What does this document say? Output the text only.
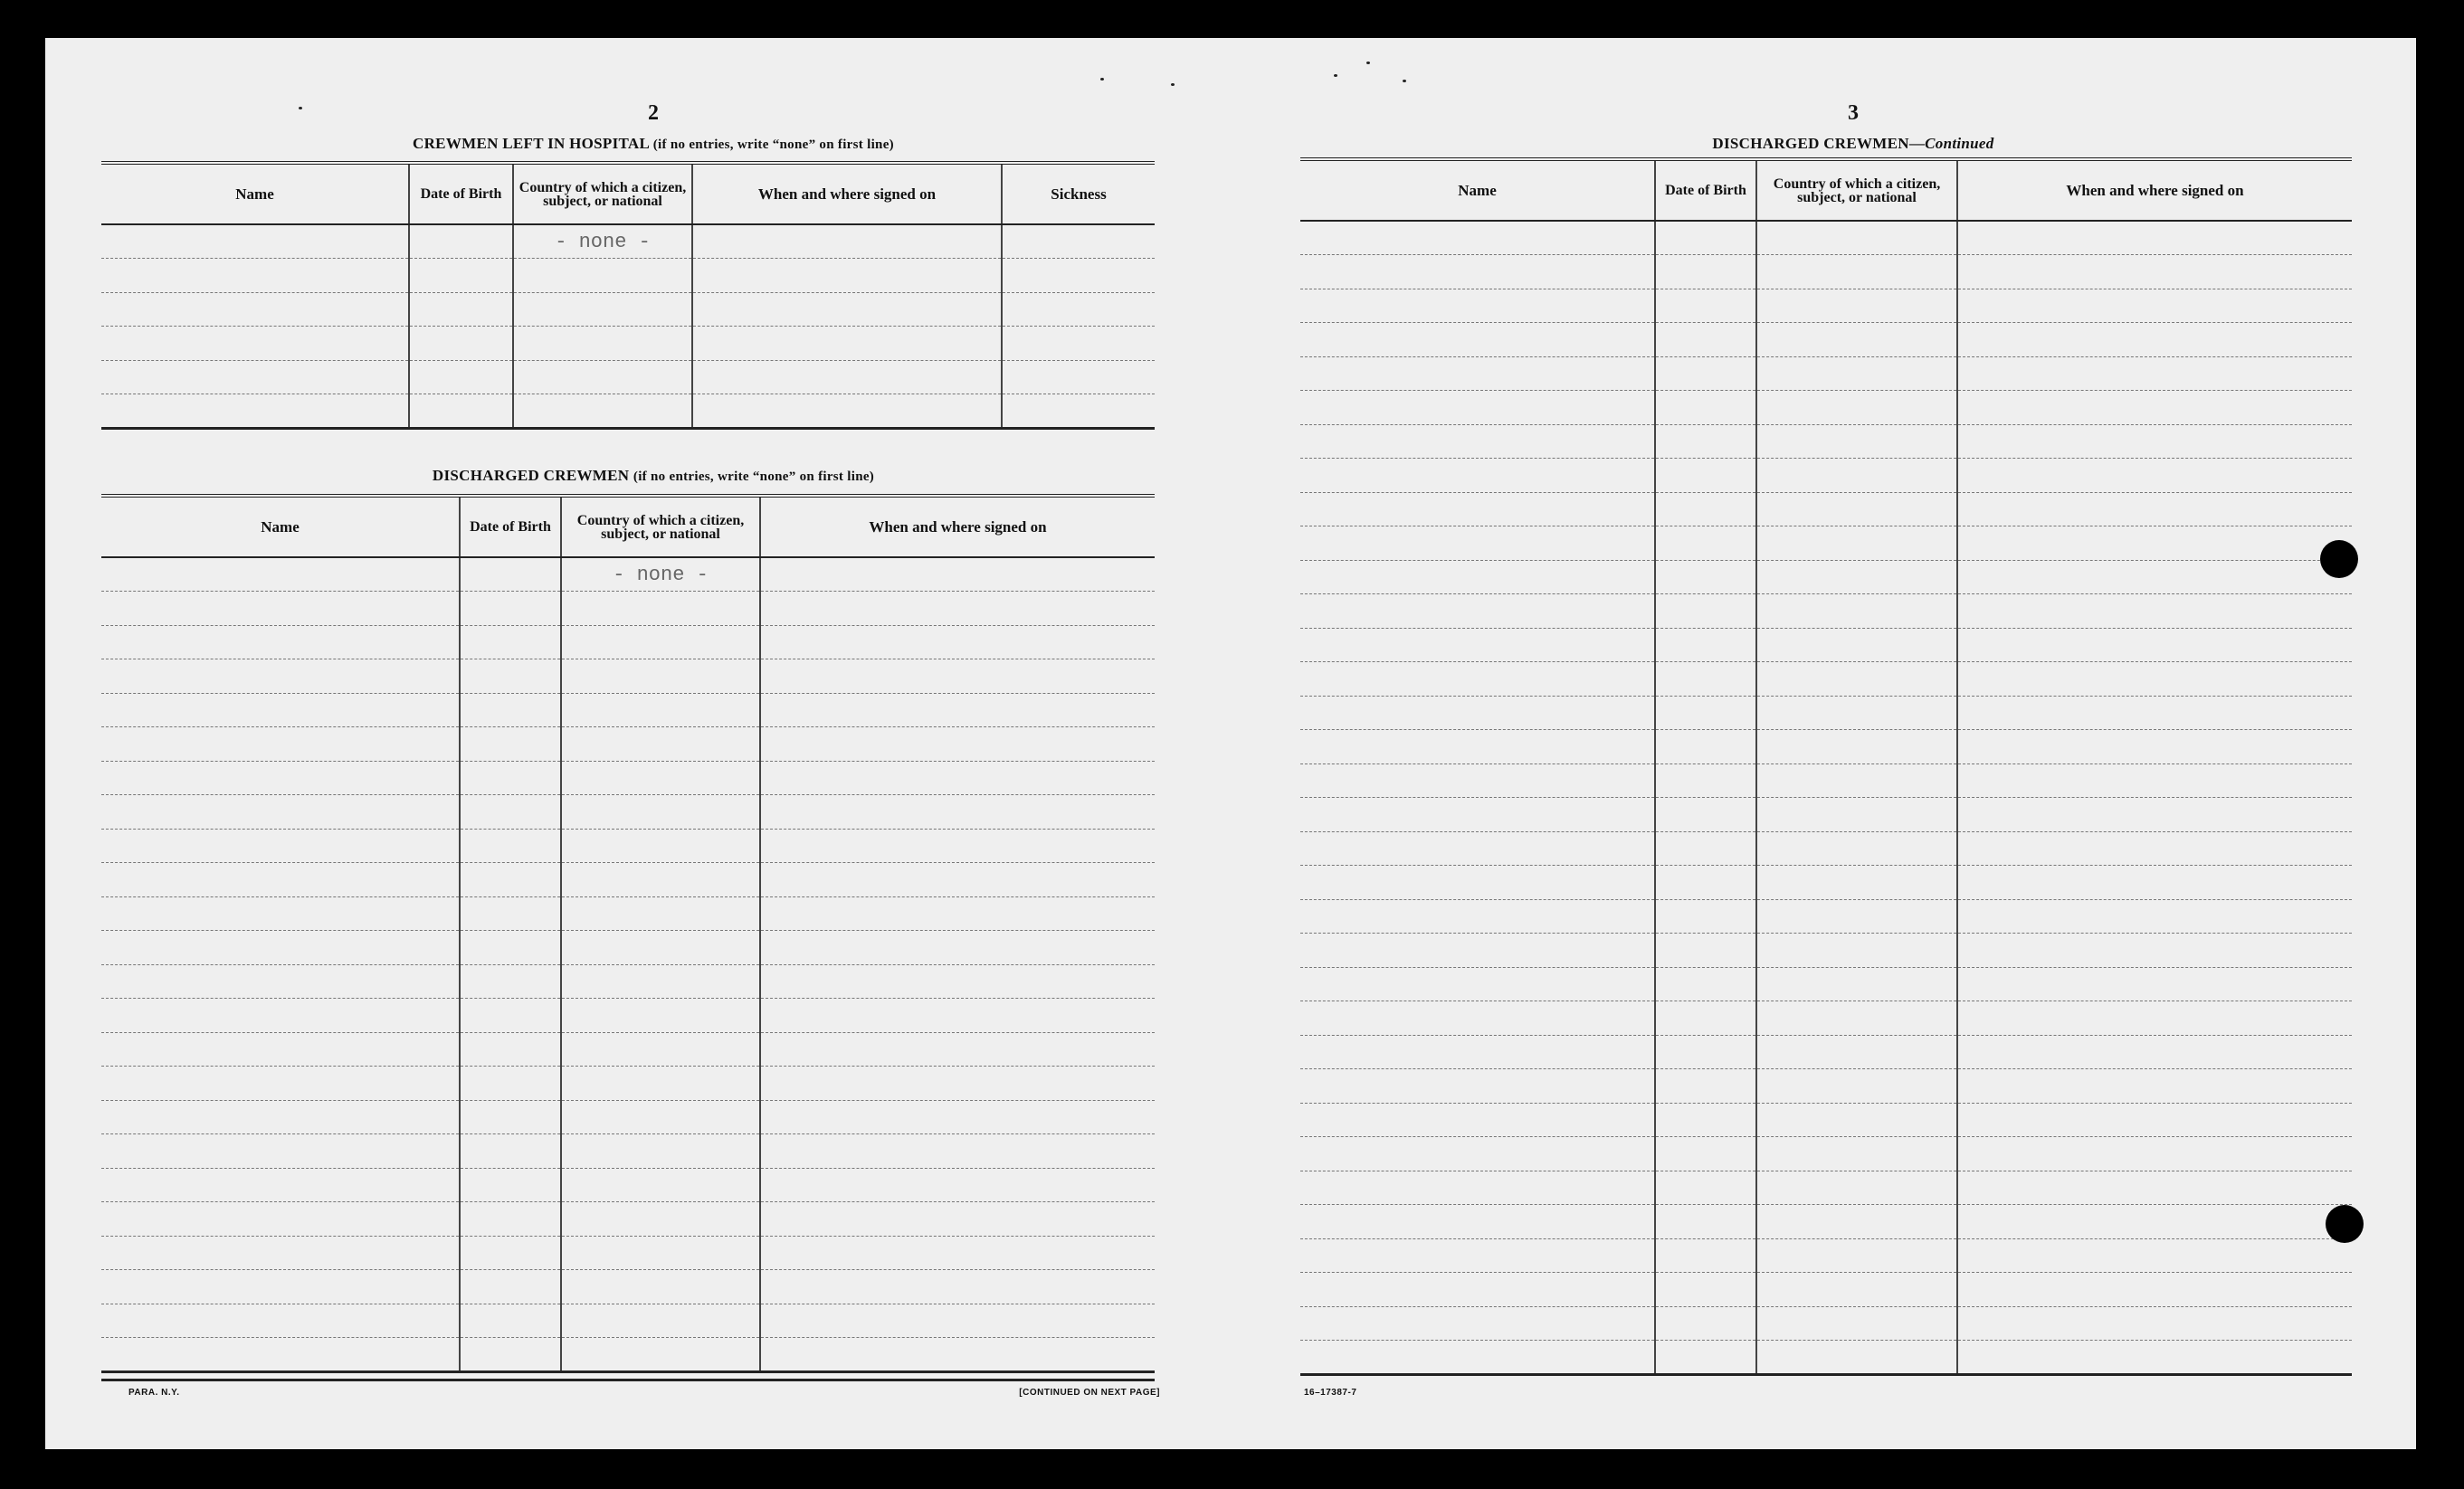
2
CREWMEN LEFT IN HOSPITAL (if no entries, write “none” on first line)
Name	Date of Birth	Country of which a citizen, subject, or national	When and where signed on	Sickness
		- none -		

DISCHARGED CREWMEN (if no entries, write “none” on first line)
Name	Date of Birth	Country of which a citizen, subject, or national	When and where signed on
		- none -	

PARA. N.Y.	[CONTINUED ON NEXT PAGE]
3
DISCHARGED CREWMEN—Continued
Name	Date of Birth	Country of which a citizen, subject, or national	When and where signed on

16–17387-7
